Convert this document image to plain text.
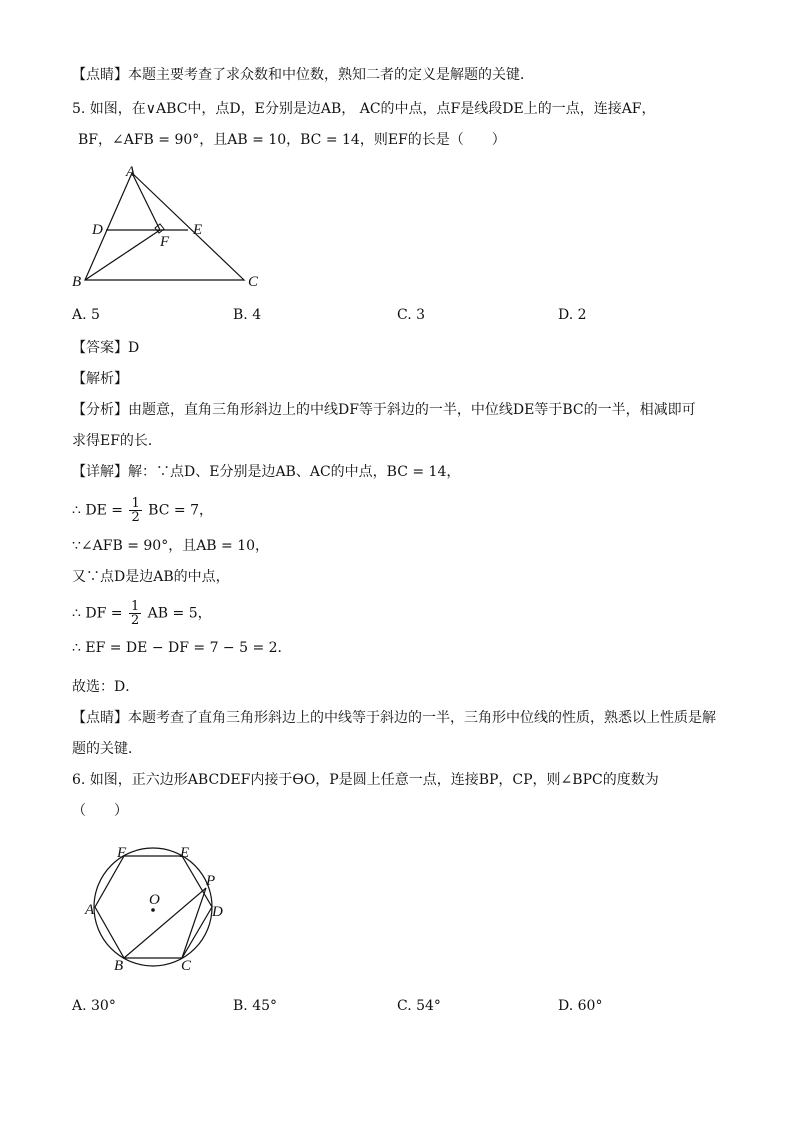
【点睛】本题主要考查了求众数和中位数，熟知二者的定义是解题的关键．
5. 如图，在∨ABC中，点D，E分别是边AB， AC的中点，点F是线段DE上的一点，连接AF，
BF，∠AFB = 90°，且AB = 10，BC = 14，则EF的长是（　　）
A
D	E
F
B	C
A. 5	B. 4	C. 3	D. 2
【答案】D
【解析】
【分析】由题意，直角三角形斜边上的中线DF等于斜边的一半，中位线DE等于BC的一半，相减即可
求得EF的长．
【详解】解：∵点D、E分别是边AB、AC的中点，BC = 14，
∴ DE = $\frac{1}{2}$ BC = 7，
∵∠AFB = 90°，且AB = 10，
又∵点D是边AB的中点，
∴ DF = $\frac{1}{2}$ AB = 5，
∴ EF = DE − DF = 7 − 5 = 2．
故选：D．
【点睛】本题考查了直角三角形斜边上的中线等于斜边的一半，三角形中位线的性质，熟悉以上性质是解
题的关键．
6. 如图，正六边形ABCDEF内接于ϴO，P是圆上任意一点，连接BP，CP，则∠BPC的度数为
（　　）
F	E
P
A
O
D
B	C
A. 30°	B. 45°	C. 54°	D. 60°
